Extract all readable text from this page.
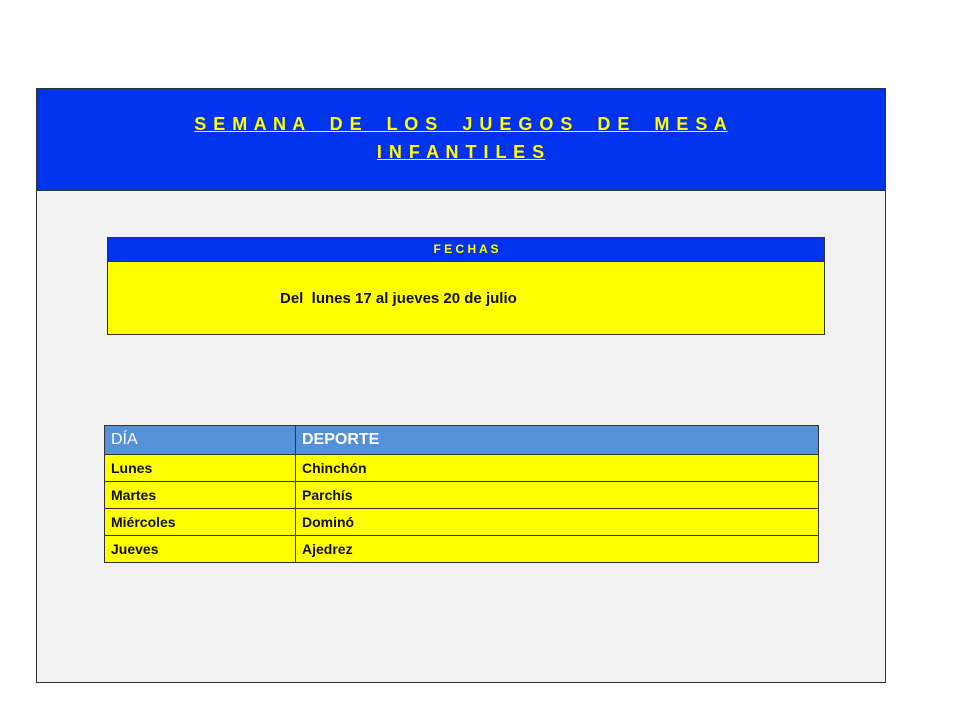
S E M A N A    D E    L O S    J U E G O S    D E    M E S A
I N F A N T I L E S
F E C H A S
Del  lunes 17 al jueves 20 de julio
DÍA	DEPORTE
Lunes	Chinchón
Martes	Parchís
Miércoles	Dominó
Jueves	Ajedrez
